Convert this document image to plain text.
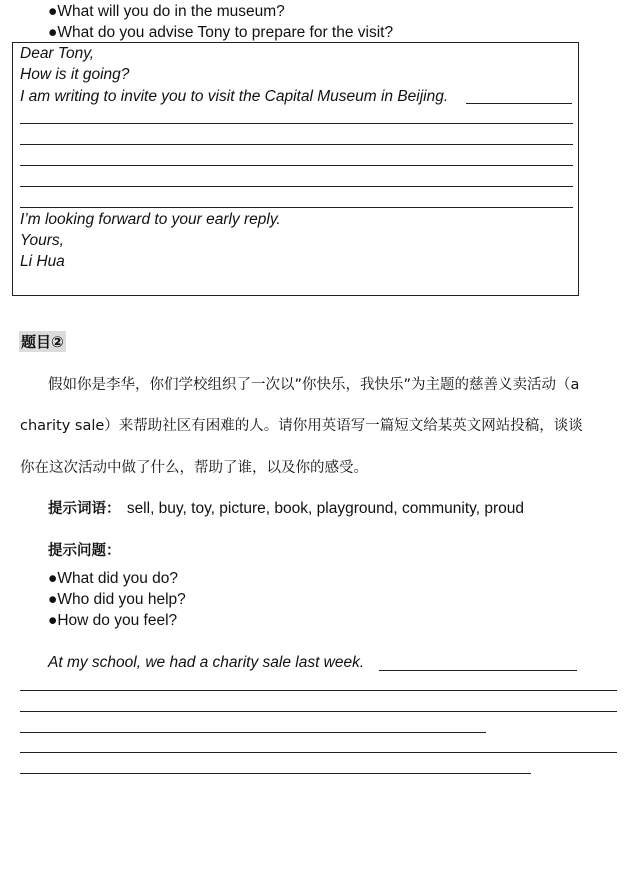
●What will you do in the museum?
●What do you advise Tony to prepare for the visit?
Dear Tony,
How is it going?
I am writing to invite you to visit the Capital Museum in Beijing.
I’m looking forward to your early reply.
Yours,
Li Hua
题目②
假如你是李华，你们学校组织了一次以”你快乐，我快乐”为主题的慈善义卖活动（a
charity sale）来帮助社区有困难的人。请你用英语写一篇短文给某英文网站投稿，谈谈
你在这次活动中做了什么，帮助了谁，以及你的感受。
提示词语： sell, buy, toy, picture, book, playground, community, proud
提示问题：
●What did you do?
●Who did you help?
●How do you feel?
At my school, we had a charity sale last week.
